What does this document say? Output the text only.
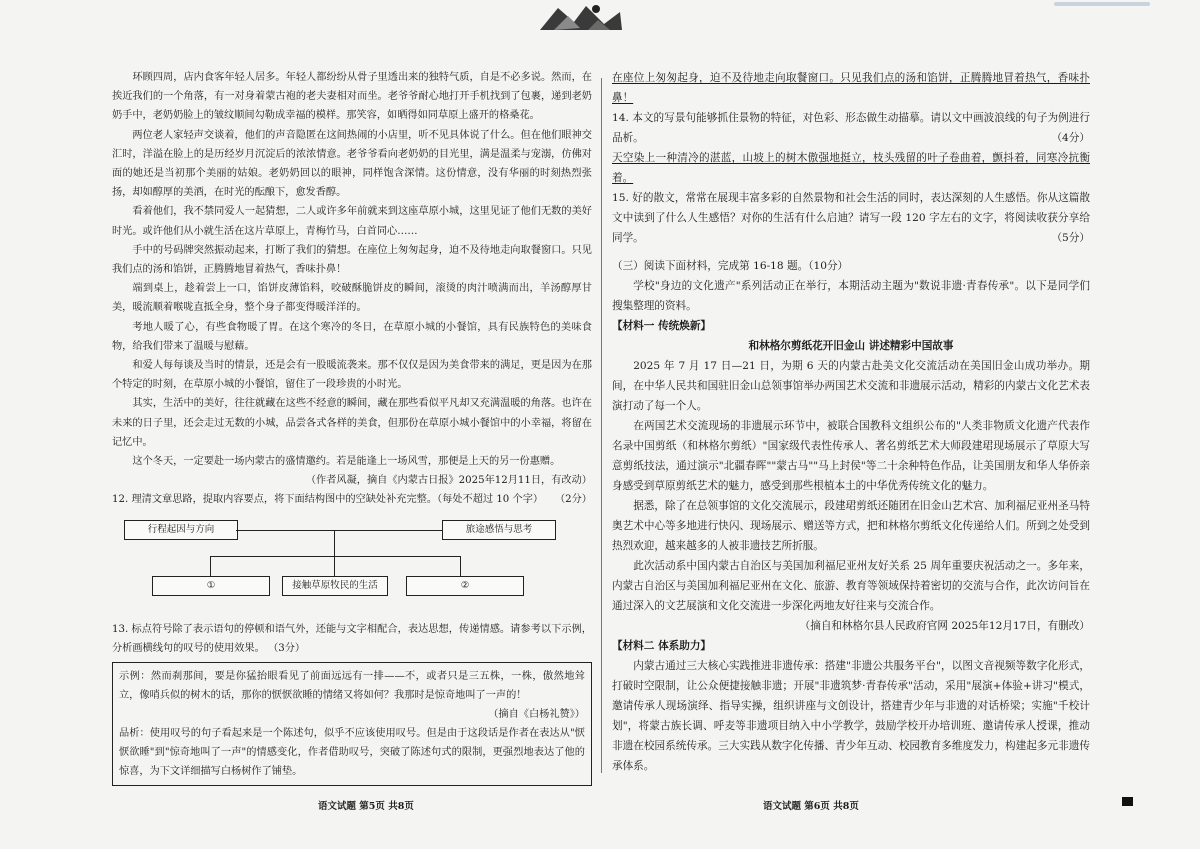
环顾四周，店内食客年轻人居多。年轻人都纷纷从骨子里透出来的独特气质，自是不必多说。然而，在挨近我们的一个角落，有一对身着蒙古袍的老夫妻相对而坐。老爷爷耐心地打开手机找到了包裹，递到老奶奶手中，老奶奶脸上的皱纹顺间勾勒成幸福的模样。那笑容，如晒得如同草原上盛开的格桑花。

两位老人家轻声交谈着，他们的声音隐匿在这间热闹的小店里，听不见具体说了什么。但在他们眼神交汇时，洋溢在脸上的是历经岁月沉淀后的浓浓情意。老爷爷看向老奶奶的目光里，满是温柔与宠溺，仿佛对面的她还是当初那个美丽的姑娘。老奶奶回以的眼神，同样饱含深情。这份情意，没有华丽的时刻热烈张扬，却如醇厚的美酒，在时光的酝酿下，愈发香醇。

看着他们，我不禁同爱人一起猜想，二人或许多年前就来到这座草原小城，这里见证了他们无数的美好时光。或许他们从小就生活在这片草原上，青梅竹马，白首同心……

手中的号码牌突然振动起来，打断了我们的猜想。在座位上匆匆起身，迫不及待地走向取餐窗口。只见我们点的汤和馅饼，正腾腾地冒着热气，香味扑鼻！

端到桌上，趁着尝上一口，馅饼皮薄馅料，咬破酥脆饼皮的瞬间，滚烫的肉汁喷满而出，羊汤醇厚甘美，暖流顺着喉咙直抵全身，整个身子都变得暖洋洋的。

考地人暖了心，有些食物暖了胃。在这个寒冷的冬日，在草原小城的小餐馆，具有民族特色的美味食物，给我们带来了温暖与慰藉。

和爱人每每谈及当时的情景，还是会有一股暖流袭来。那不仅仅是因为美食带来的满足，更是因为在那个特定的时刻，在草原小城的小餐馆，留住了一段珍贵的小时光。

其实，生活中的美好，往往就藏在这些不经意的瞬间，藏在那些看似平凡却又充满温暖的角落。也许在未来的日子里，还会走过无数的小城，品尝各式各样的美食，但那份在草原小城小餐馆中的小幸福，将留在记忆中。

这个冬天，一定要赴一场内蒙古的盛情邀约。若是能逢上一场风雪，那便是上天的另一份惠赠。

（作者风凝，摘自《内蒙古日报》2025年12月11日，有改动）

12. 理清文章思路，提取内容要点，将下面结构图中的空缺处补充完整。（每处不超过 10 个字） （2分）

行程起因与方向	旅途感悟与思考
①	接触草原牧民的生活	②

13. 标点符号除了表示语句的停顿和语气外，还能与文字相配合，表达思想，传递情感。请参考以下示例，分析画横线句的叹号的使用效果。 （3分）

示例：然而刹那间，要是你猛抬眼看见了前面远远有一排——不，或者只是三五株，一株，傲然地耸立，像哨兵似的树木的话，那你的恹恹欲睡的情绪又将如何？我那时是惊奇地叫了一声的！

（摘自《白杨礼赞》）

品析：使用叹号的句子看起来是一个陈述句，似乎不应该使用叹号。但是由于这段话是作者在表达从"恹恹欲睡"到"惊奇地叫了一声"的情感变化，作者借助叹号，突破了陈述句式的限制，更强烈地表达了他的惊喜，为下文详细描写白杨树作了铺垫。

在座位上匆匆起身，迫不及待地走向取餐窗口。只见我们点的汤和馅饼，正腾腾地冒着热气，香味扑鼻！

14. 本文的写景句能够抓住景物的特征，对色彩、形态做生动描摹。请以文中画波浪线的句子为例进行品析。	（4分）

天空染上一种清冷的湛蓝，山坡上的树木傲强地挺立，枝头残留的叶子卷曲着，颤抖着，同寒冷抗衡着。

15. 好的散文，常常在展现丰富多彩的自然景物和社会生活的同时，表达深刻的人生感悟。你从这篇散文中读到了什么人生感悟？对你的生活有什么启迪？请写一段 120 字左右的文字，将阅读收获分享给同学。	（5分）

（三）阅读下面材料，完成第 16-18 题。（10分）

学校"身边的文化遗产"系列活动正在举行，本期活动主题为"数说非遗·青春传承"。以下是同学们搜集整理的资料。

【材料一 传统焕新】

和林格尔剪纸花开旧金山 讲述精彩中国故事

2025 年 7 月 17 日—21 日，为期 6 天的内蒙古赴美文化交流活动在美国旧金山成功举办。期间，在中华人民共和国驻旧金山总领事馆举办两国艺术交流和非遗展示活动，精彩的内蒙古文化艺术表演打动了每一个人。

在两国艺术交流现场的非遗展示环节中，被联合国教科文组织公布的"人类非物质文化遗产代表作名录中国剪纸（和林格尔剪纸）"国家级代表性传承人、著名剪纸艺术大师段建珺现场展示了草原大写意剪纸技法，通过演示"北疆春晖""蒙古马""马上封侯"等二十余种特色作品，让美国朋友和华人华侨亲身感受到草原剪纸艺术的魅力，感受到那些根植本土的中华优秀传统文化的魅力。

据悉，除了在总领事馆的文化交流展示，段建珺剪纸还随团在旧金山艺术宫、加利福尼亚州圣马特奥艺术中心等多地进行快闪、现场展示、赠送等方式，把和林格尔剪纸文化传递给人们。所到之处受到热烈欢迎，越来越多的人被非遗技艺所折服。

此次活动系中国内蒙古自治区与美国加利福尼亚州友好关系 25 周年重要庆祝活动之一。多年来，内蒙古自治区与美国加利福尼亚州在文化、旅游、教育等领域保持着密切的交流与合作，此次访问旨在通过深入的文艺展演和文化交流进一步深化两地友好往来与交流合作。

（摘自和林格尔县人民政府官网 2025年12月17日，有删改）

【材料二 体系助力】

内蒙古通过三大核心实践推进非遗传承：搭建"非遗公共服务平台"，以图文音视频等数字化形式，打破时空限制，让公众便捷接触非遗；开展"非遗筑梦·青春传承"活动，采用"展演+体验+讲习"模式，邀请传承人现场演绎、指导实操，组织讲座与文创设计，搭建青少年与非遗的对话桥梁；实施"千校计划"，将蒙古族长调、呼麦等非遗项目纳入中小学教学，鼓励学校开办培训班、邀请传承人授课，推动非遗在校园系统传承。三大实践从数字化传播、青少年互动、校园教育多维度发力，构建起多元非遗传承体系。

语文试题 第5页 共8页	语文试题 第6页 共8页
